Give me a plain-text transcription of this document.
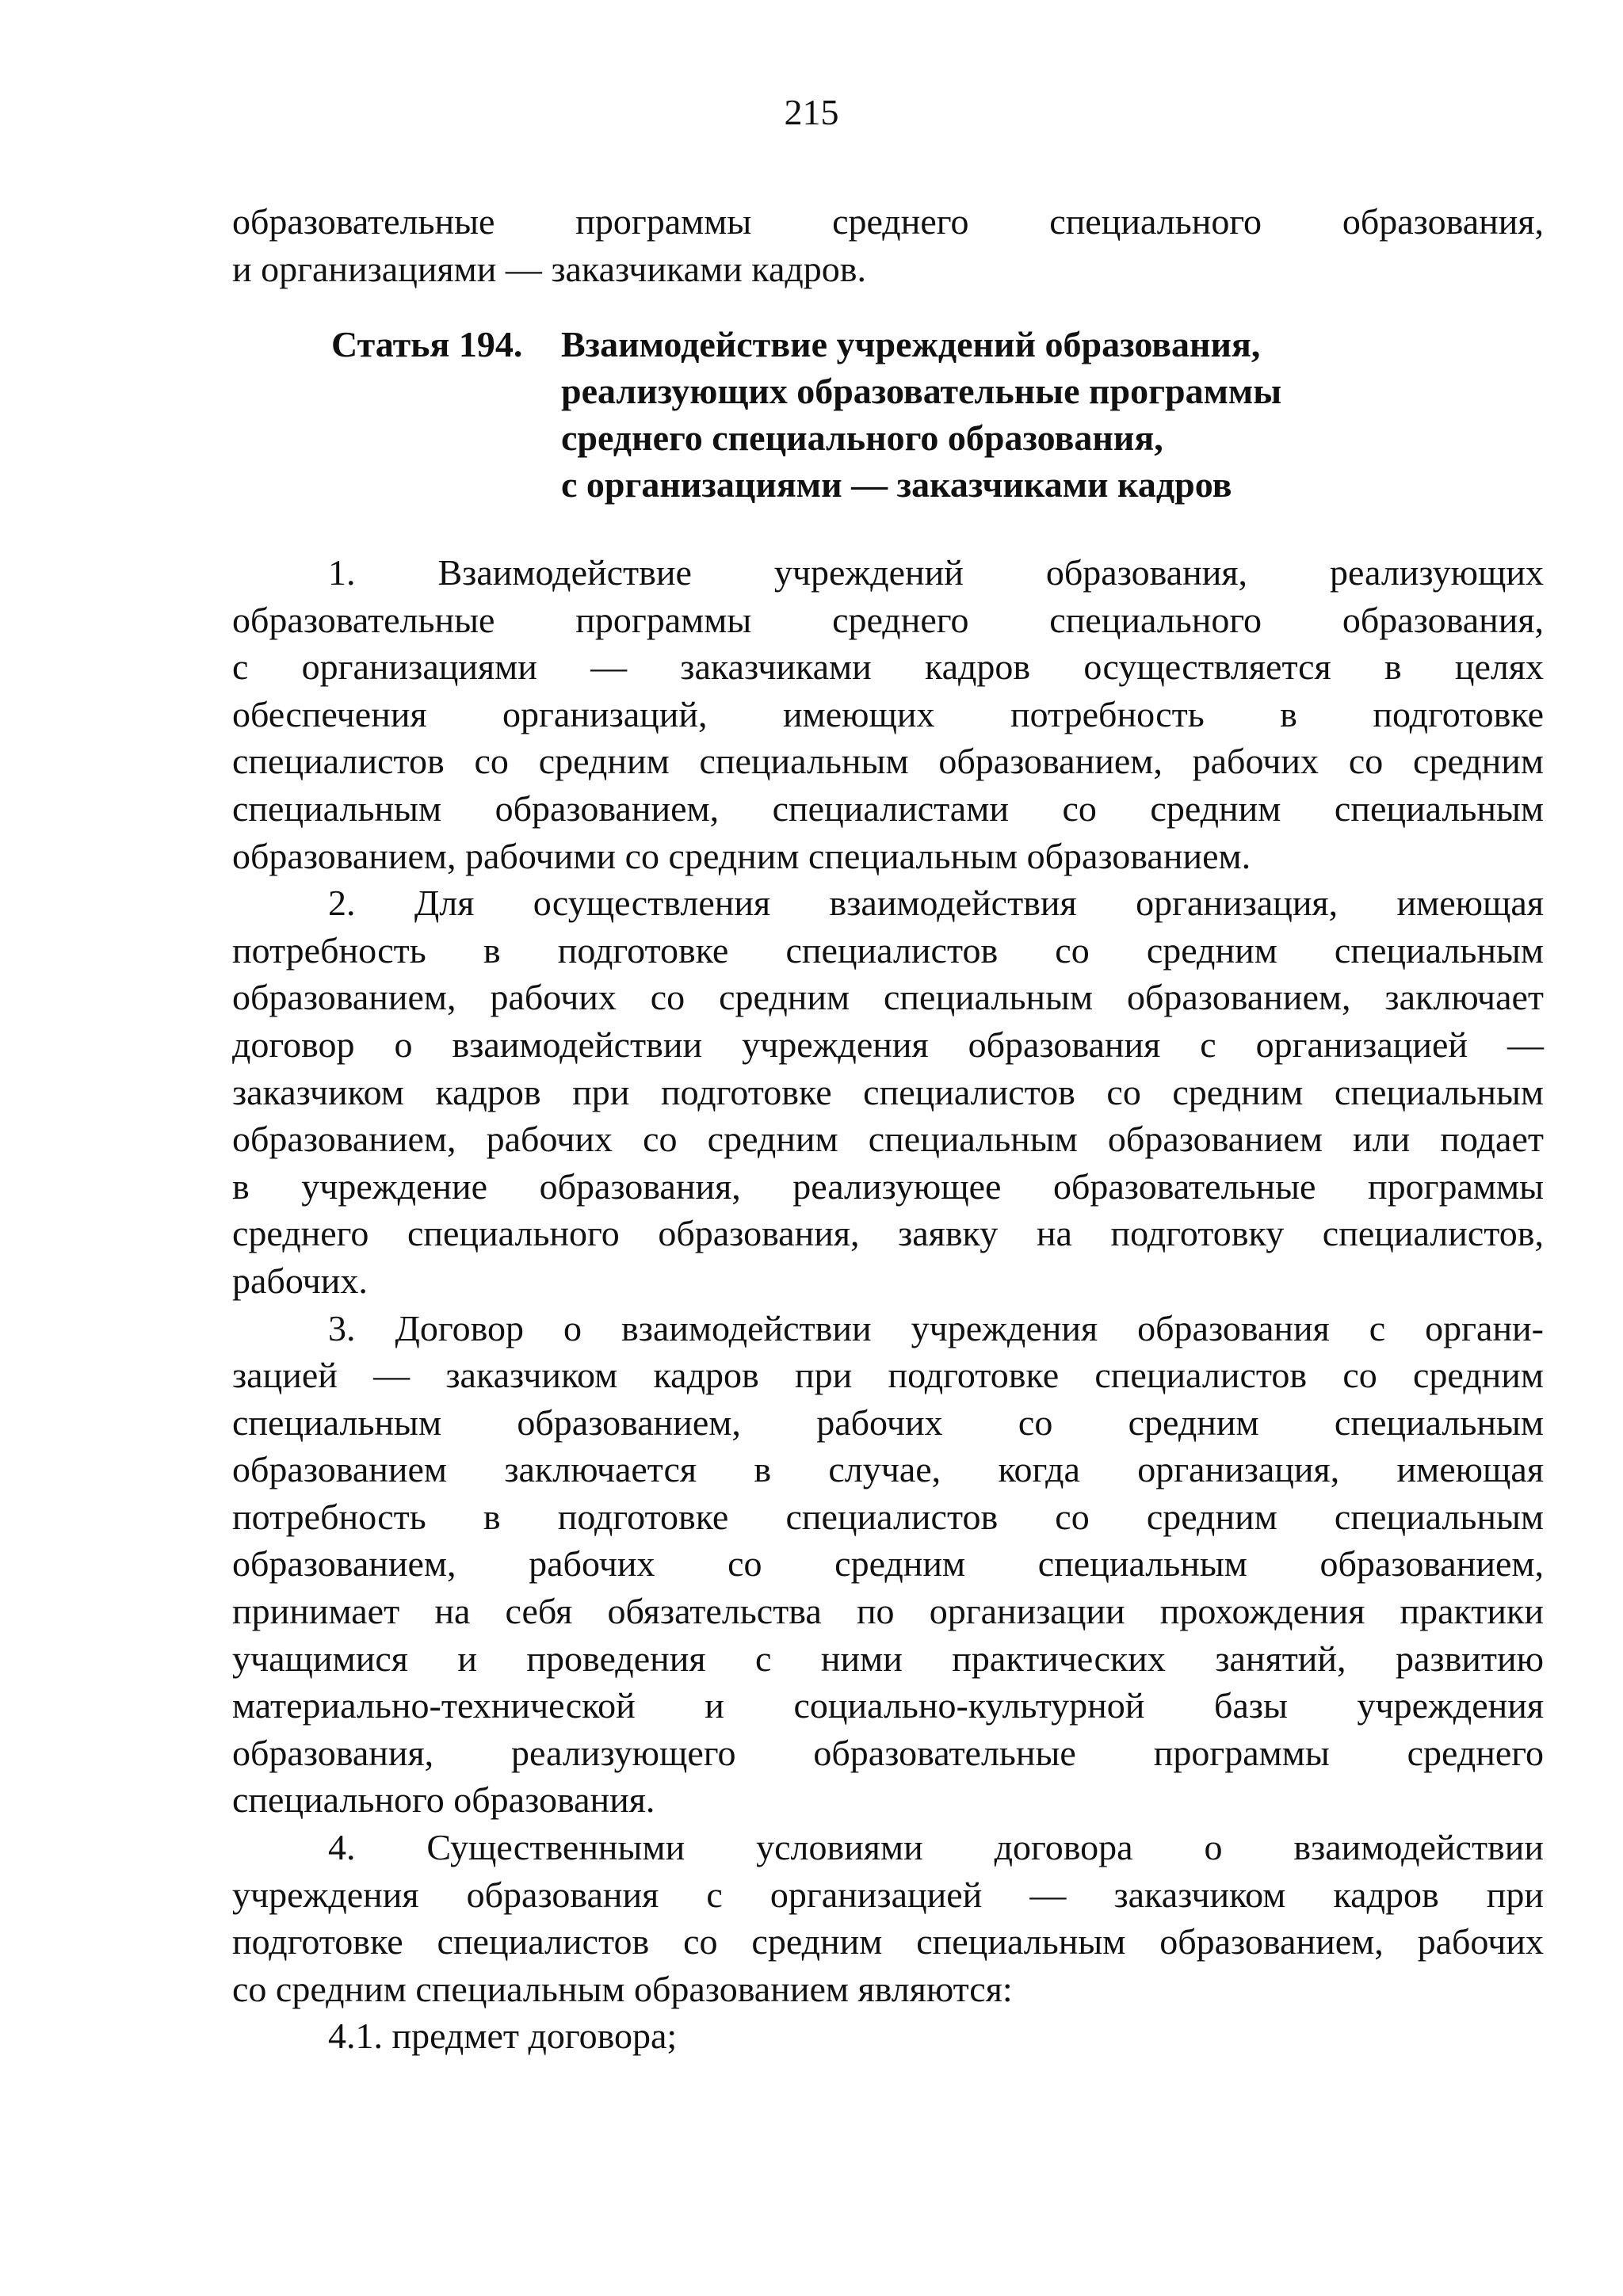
215
образовательные программы среднего специального образования,
и организациями — заказчиками кадров.
Статья 194.	Взаимодействие учреждений образования,
реализующих образовательные программы
среднего специального образования,
с организациями — заказчиками кадров
1. Взаимодействие учреждений образования, реализующих
образовательные программы среднего специального образования,
с организациями — заказчиками кадров осуществляется в целях
обеспечения организаций, имеющих потребность в подготовке
специалистов со средним специальным образованием, рабочих со средним
специальным образованием, специалистами со средним специальным
образованием, рабочими со средним специальным образованием.
2. Для осуществления взаимодействия организация, имеющая
потребность в подготовке специалистов со средним специальным
образованием, рабочих со средним специальным образованием, заключает
договор о взаимодействии учреждения образования с организацией —
заказчиком кадров при подготовке специалистов со средним специальным
образованием, рабочих со средним специальным образованием или подает
в учреждение образования, реализующее образовательные программы
среднего специального образования, заявку на подготовку специалистов,
рабочих.
3. Договор о взаимодействии учреждения образования с органи-
зацией — заказчиком кадров при подготовке специалистов со средним
специальным образованием, рабочих со средним специальным
образованием заключается в случае, когда организация, имеющая
потребность в подготовке специалистов со средним специальным
образованием, рабочих со средним специальным образованием,
принимает на себя обязательства по организации прохождения практики
учащимися и проведения с ними практических занятий, развитию
материально-технической и социально-культурной базы учреждения
образования, реализующего образовательные программы среднего
специального образования.
4. Существенными условиями договора о взаимодействии
учреждения образования с организацией — заказчиком кадров при
подготовке специалистов со средним специальным образованием, рабочих
со средним специальным образованием являются:
4.1. предмет договора;
